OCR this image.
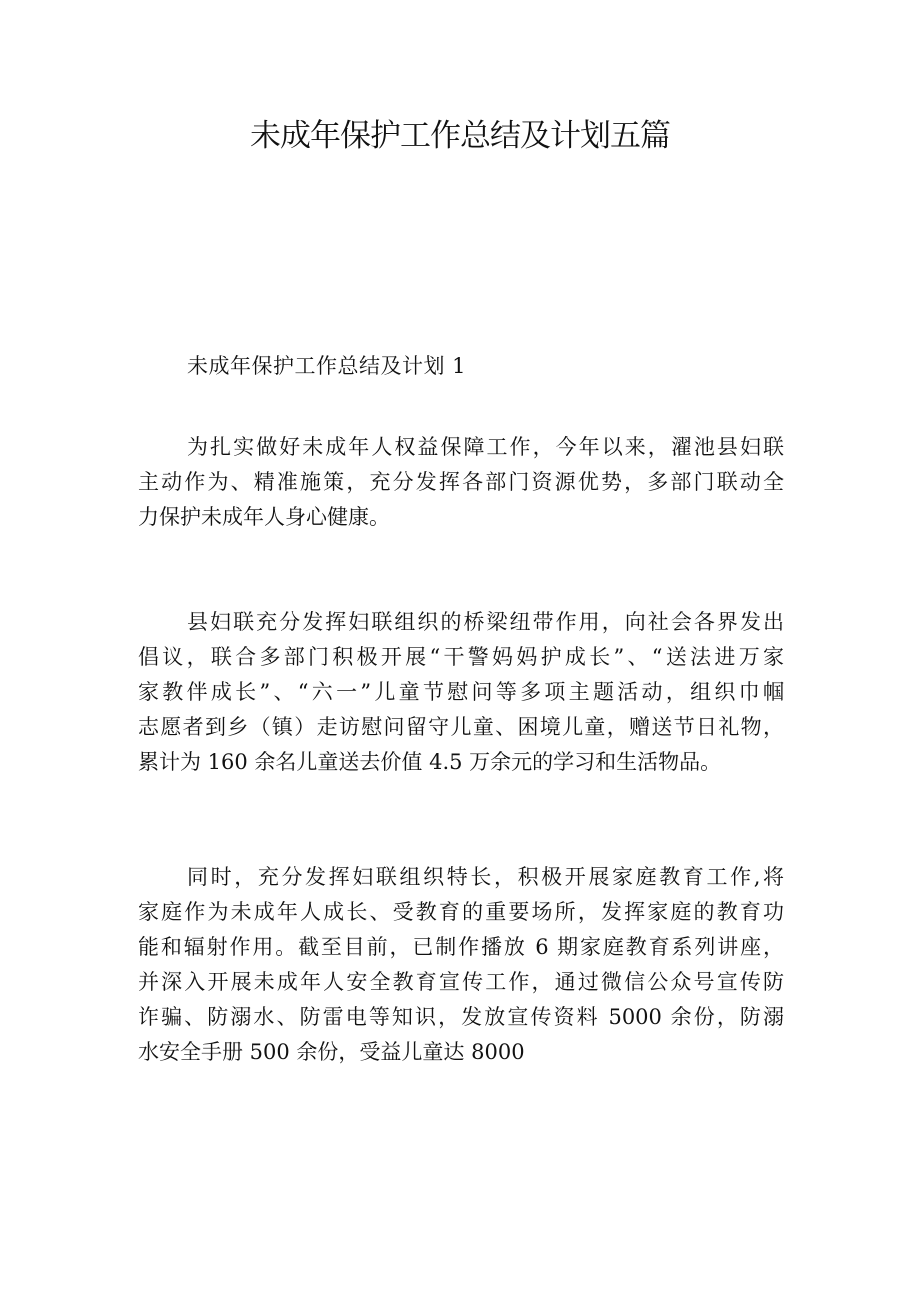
未成年保护工作总结及计划五篇
未成年保护工作总结及计划 1

为扎实做好未成年人权益保障工作，今年以来，濯池县妇联
主动作为、精准施策，充分发挥各部门资源优势，多部门联动全
力保护未成年人身心健康。

县妇联充分发挥妇联组织的桥梁纽带作用，向社会各界发出
倡议，联合多部门积极开展“干警妈妈护成长”、“送法进万家
家教伴成长”、“六一”儿童节慰问等多项主题活动，组织巾帼
志愿者到乡（镇）走访慰问留守儿童、困境儿童，赠送节日礼物，
累计为 160 余名儿童送去价值 4.5 万余元的学习和生活物品。

同时，充分发挥妇联组织特长，积极开展家庭教育工作,将
家庭作为未成年人成长、受教育的重要场所，发挥家庭的教育功
能和辐射作用。截至目前，已制作播放 6 期家庭教育系列讲座，
并深入开展未成年人安全教育宣传工作，通过微信公众号宣传防
诈骗、防溺水、防雷电等知识，发放宣传资料 5000 余份，防溺
水安全手册 500 余份，受益儿童达 8000
